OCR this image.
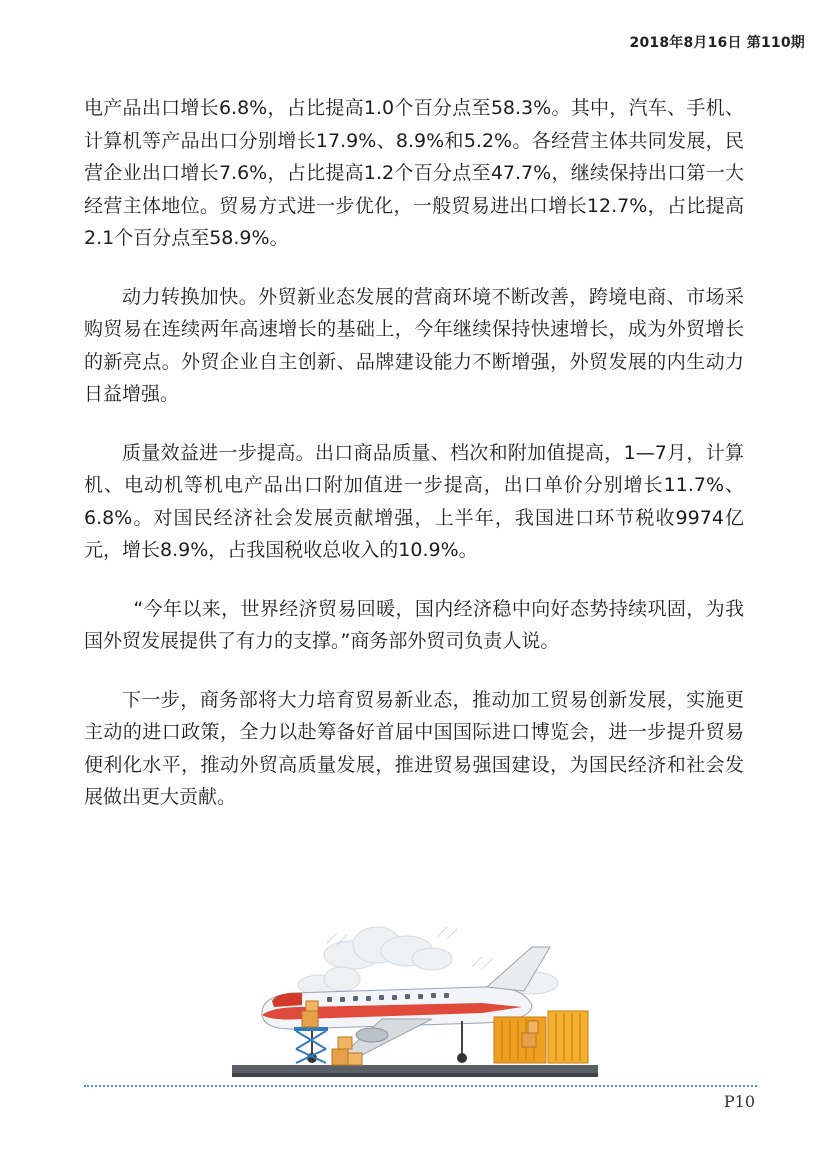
2018年8月16日 第110期

电产品出口增长6.8%，占比提高1.0个百分点至58.3%。其中，汽车、手机、计算机等产品出口分别增长17.9%、8.9%和5.2%。各经营主体共同发展，民营企业出口增长7.6%，占比提高1.2个百分点至47.7%，继续保持出口第一大经营主体地位。贸易方式进一步优化，一般贸易进出口增长12.7%，占比提高2.1个百分点至58.9%。

动力转换加快。外贸新业态发展的营商环境不断改善，跨境电商、市场采购贸易在连续两年高速增长的基础上，今年继续保持快速增长，成为外贸增长的新亮点。外贸企业自主创新、品牌建设能力不断增强，外贸发展的内生动力日益增强。

质量效益进一步提高。出口商品质量、档次和附加值提高，1—7月，计算机、电动机等机电产品出口附加值进一步提高，出口单价分别增长11.7%、6.8%。对国民经济社会发展贡献增强，上半年，我国进口环节税收9974亿元，增长8.9%，占我国税收总收入的10.9%。

“今年以来，世界经济贸易回暖，国内经济稳中向好态势持续巩固，为我国外贸发展提供了有力的支撑。”商务部外贸司负责人说。

下一步，商务部将大力培育贸易新业态，推动加工贸易创新发展，实施更主动的进口政策，全力以赴筹备好首届中国国际进口博览会，进一步提升贸易便利化水平，推动外贸高质量发展，推进贸易强国建设，为国民经济和社会发展做出更大贡献。

P10
